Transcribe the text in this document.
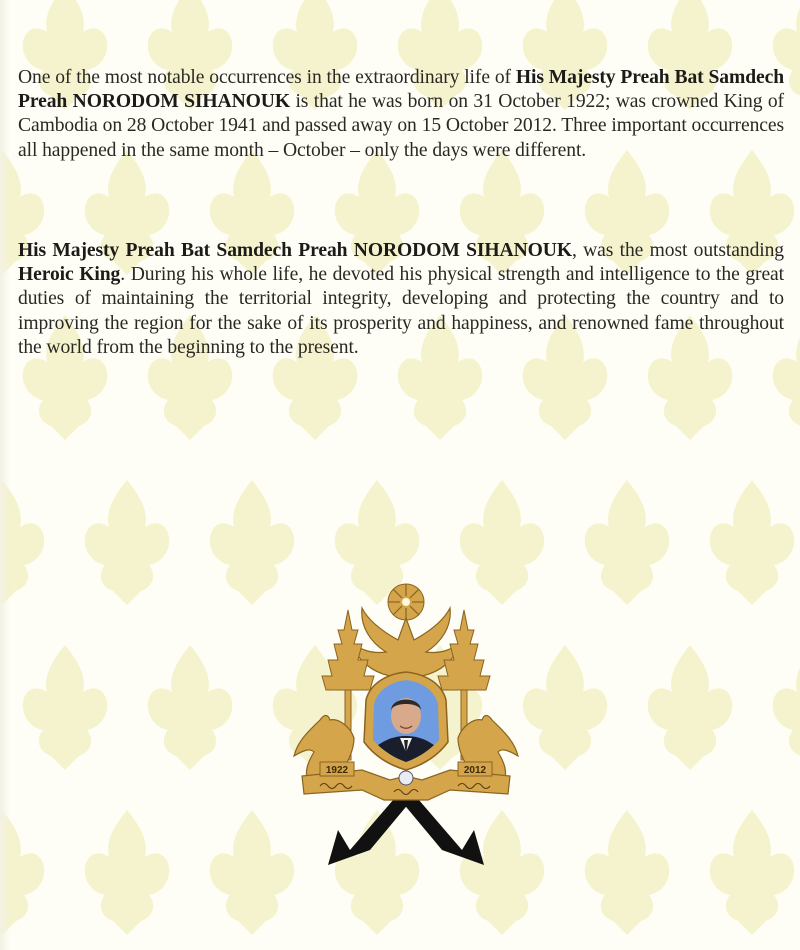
One of the most notable occurrences in the extraordinary life of His Majesty Preah Bat Samdech Preah NORODOM SIHANOUK is that he was born on 31 October 1922; was crowned King of Cambodia on 28 October 1941 and passed away on 15 October 2012. Three important occurrences all happened in the same month – October – only the days were different.

His Majesty Preah Bat Samdech Preah NORODOM SIHANOUK, was the most outstanding Heroic King. During his whole life, he devoted his physical strength and intelligence to the great duties of maintaining the territorial integrity, developing and protecting the country and to improving the region for the sake of its prosperity and happiness, and renowned fame throughout the world from the beginning to the present.

1922	2012
